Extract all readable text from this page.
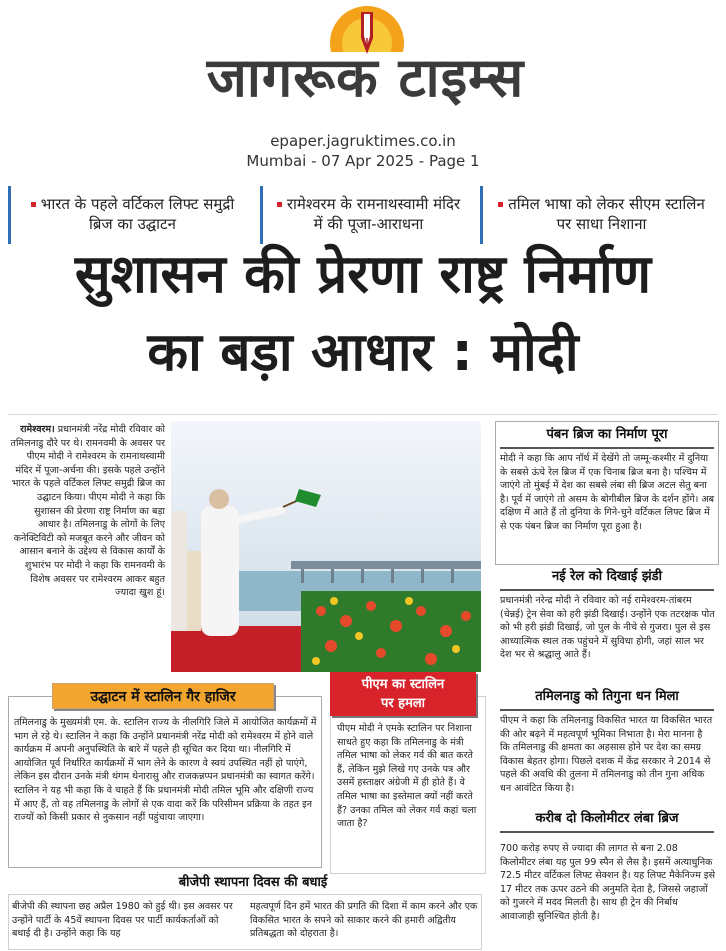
जागरूक टाइम्स
epaper.jagruktimes.co.in
Mumbai - 07 Apr 2025 - Page 1
भारत के पहले वर्टिकल लिफ्ट समुद्री ब्रिज का उद्घाटन
रामेश्वरम के रामनाथस्वामी मंदिर में की पूजा-आराधना
तमिल भाषा को लेकर सीएम स्टालिन पर साधा निशाना
सुशासन की प्रेरणा राष्ट्र निर्माण
का बड़ा आधार : मोदी
रामेश्वरम। प्रधानमंत्री नरेंद्र मोदी रविवार को तमिलनाडु दौरे पर थे। रामनवमी के अवसर पर पीएम मोदी ने रामेश्वरम के रामनाथस्वामी मंदिर में पूजा-अर्चना की। इसके पहले उन्होंने भारत के पहले वर्टिकल लिफ्ट समुद्री ब्रिज का उद्घाटन किया। पीएम मोदी ने कहा कि सुशासन की प्रेरणा राष्ट्र निर्माण का बड़ा आधार है। तमिलनाडु के लोगों के लिए कनेक्टिविटी को मजबूत करने और जीवन को आसान बनाने के उद्देश्य से विकास कार्यों के शुभारंभ पर मोदी ने कहा कि रामनवमी के विशेष अवसर पर रामेश्वरम आकर बहुत ज्यादा खुश हूं।
पंबन ब्रिज का निर्माण पूरा
मोदी ने कहा कि आप नॉर्थ में देखेंगे तो जम्मू-कश्मीर में दुनिया के सबसे ऊंचे रेल ब्रिज में एक चिनाब ब्रिज बना है। पश्चिम में जाएंगे तो मुंबई में देश का सबसे लंबा सी ब्रिज अटल सेतु बना है। पूर्व में जाएंगे तो असम के बोगीबील ब्रिज के दर्शन होंगे। अब दक्षिण में आते हैं तो दुनिया के गिने-चुने वर्टिकल लिफ्ट ब्रिज में से एक पंबन ब्रिज का निर्माण पूरा हुआ है।
नई रेल को दिखाई झंडी
प्रधानमंत्री नरेन्द्र मोदी ने रविवार को नई रामेश्वरम-तांबरम (चेन्नई) ट्रेन सेवा को हरी झंडी दिखाई। उन्होंने एक तटरक्षक पोत को भी हरी झंडी दिखाई, जो पुल के नीचे से गुजरा। पुल से इस आध्यात्मिक स्थल तक पहुंचने में सुविधा होगी, जहां साल भर देश भर से श्रद्धालु आते हैं।
तमिलनाडु को तिगुना धन मिला
पीएम ने कहा कि तमिलनाडु विकसित भारत या विकसित भारत की ओर बढ़ने में महत्वपूर्ण भूमिका निभाता है। मेरा मानना है कि तमिलनाडु की क्षमता का अहसास होने पर देश का समग्र विकास बेहतर होगा। पिछले दशक में केंद्र सरकार ने 2014 से पहले की अवधि की तुलना में तमिलनाडु को तीन गुना अधिक धन आवंटित किया है।
करीब दो किलोमीटर लंबा ब्रिज
700 करोड़ रुपए से ज्यादा की लागत से बना 2.08 किलोमीटर लंबा यह पुल 99 स्पैन से लैस है। इसमें अत्याधुनिक 72.5 मीटर वर्टिकल लिफ्ट सेक्शन है। यह लिफ्ट मैकेनिज्म इसे 17 मीटर तक ऊपर उठने की अनुमति देता है, जिससे जहाजों को गुजरने में मदद मिलती है। साथ ही ट्रेन की निर्बाध आवाजाही सुनिश्चित होती है।
उद्घाटन में स्टालिन गैर हाजिर
तमिलनाडु के मुख्यमंत्री एम. के. स्टालिन राज्य के नीलगिरि जिले में आयोजित कार्यक्रमों में भाग ले रहे थे। स्टालिन ने कहा कि उन्होंने प्रधानमंत्री नरेंद्र मोदी को रामेश्वरम में होने वाले कार्यक्रम में अपनी अनुपस्थिति के बारे में पहले ही सूचित कर दिया था। नीलगिरि में आयोजित पूर्व निर्धारित कार्यक्रमों में भाग लेने के कारण वे स्वयं उपस्थित नहीं हो पाएंगे, लेकिन इस दौरान उनके मंत्री थंगम थेनारासु और राजकन्नप्पन प्रधानमंत्री का स्वागत करेंगे। स्टालिन ने यह भी कहा कि वे चाहते हैं कि प्रधानमंत्री मोदी तमिल भूमि और दक्षिणी राज्य में आए हैं, तो वह तमिलनाडु के लोगों से एक वादा करें कि परिसीमन प्रक्रिया के तहत इन राज्यों को किसी प्रकार से नुकसान नहीं पहुंचाया जाएगा।
पीएम का स्टालिन
पर हमला
पीएम मोदी ने एमके स्टालिन पर निशाना साधते हुए कहा कि तमिलनाडु के मंत्री तमिल भाषा को लेकर गर्व की बात करते हैं, लेकिन मुझे लिखे गए उनके पत्र और उसमें हस्ताक्षर अंग्रेजी में ही होते हैं। वे तमिल भाषा का इस्तेमाल क्यों नहीं करते हैं? उनका तमिल को लेकर गर्व कहां चला जाता है?
बीजेपी स्थापना दिवस की बधाई
बीजेपी की स्थापना छह अप्रैल 1980 को हुई थी। इस अवसर पर उन्होंने पार्टी के 45वें स्थापना दिवस पर पार्टी कार्यकर्ताओं को बधाई दी है। उन्होंने कहा कि यह
महत्वपूर्ण दिन हमें भारत की प्रगति की दिशा में काम करने और एक विकसित भारत के सपने को साकार करने की हमारी अद्वितीय प्रतिबद्धता को दोहराता है।
